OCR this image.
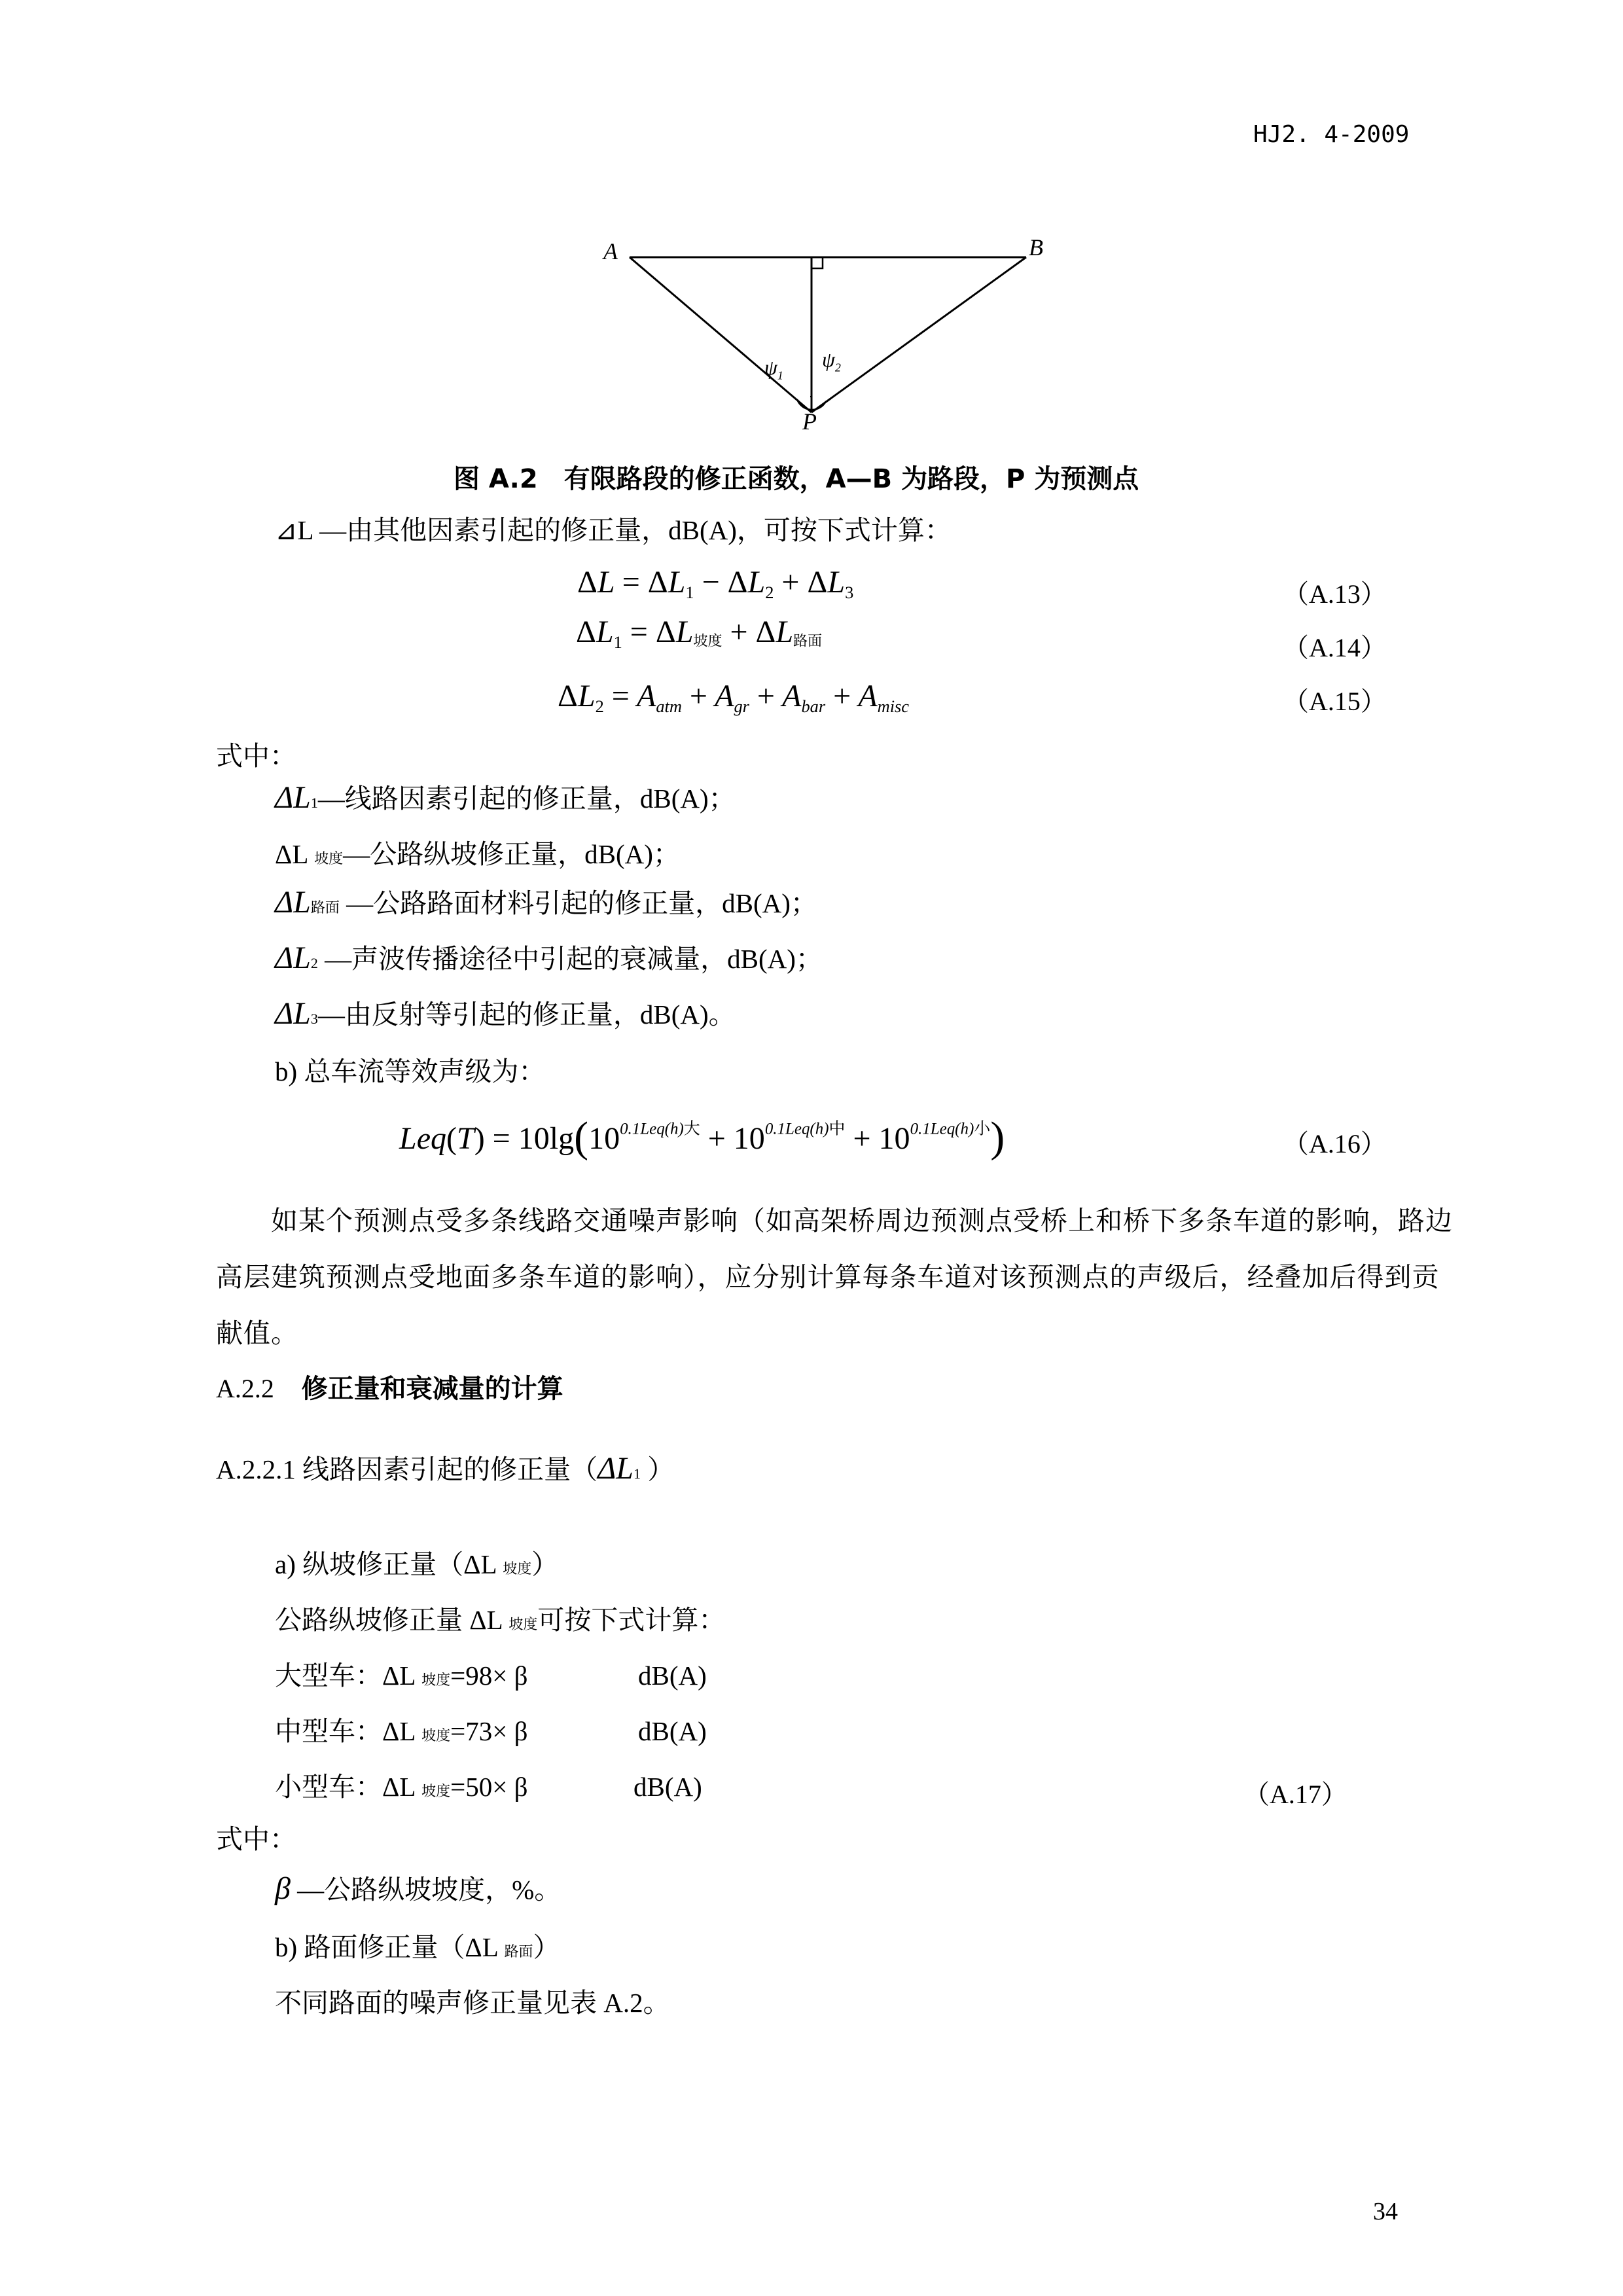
HJ2. 4-2009
A	B
P
$\psi_1$
$\psi_2$
图 A.2　有限路段的修正函数，A—B 为路段，P 为预测点
⊿L —由其他因素引起的修正量，dB(A)，可按下式计算：
$\Delta L = \Delta L_1 - \Delta L_2 + \Delta L_3$	（A.13）
$\Delta L_1 = \Delta L$坡度 + ΔL路面	（A.14）
$\Delta L_2 = A_{atm} + A_{gr} + A_{bar} + A_{misc}$	（A.15）
式中：
ΔL1—线路因素引起的修正量，dB(A)；
ΔL 坡度—公路纵坡修正量，dB(A)；
ΔL路面 —公路路面材料引起的修正量，dB(A)；
ΔL2 —声波传播途径中引起的衰减量，dB(A)；
ΔL3—由反射等引起的修正量，dB(A)。
b) 总车流等效声级为：
$Leq(T) = 10\lg(10^{0.1Leq(h)大} + 10^{0.1Leq(h)中} + 10^{0.1Leq(h)小})$	（A.16）
如某个预测点受多条线路交通噪声影响（如高架桥周边预测点受桥上和桥下多条车道的影响，路边高层建筑预测点受地面多条车道的影响），应分别计算每条车道对该预测点的声级后，经叠加后得到贡献值。
A.2.2 修正量和衰减量的计算
A.2.2.1 线路因素引起的修正量（ΔL1 ）
a) 纵坡修正量（ΔL 坡度）
公路纵坡修正量 ΔL 坡度可按下式计算：
大型车：ΔL 坡度=98× β	dB(A)
中型车：ΔL 坡度=73× β	dB(A)
小型车：ΔL 坡度=50× β	dB(A)	（A.17）
式中：
β —公路纵坡坡度，%。
b) 路面修正量（ΔL 路面）
不同路面的噪声修正量见表 A.2。
34
